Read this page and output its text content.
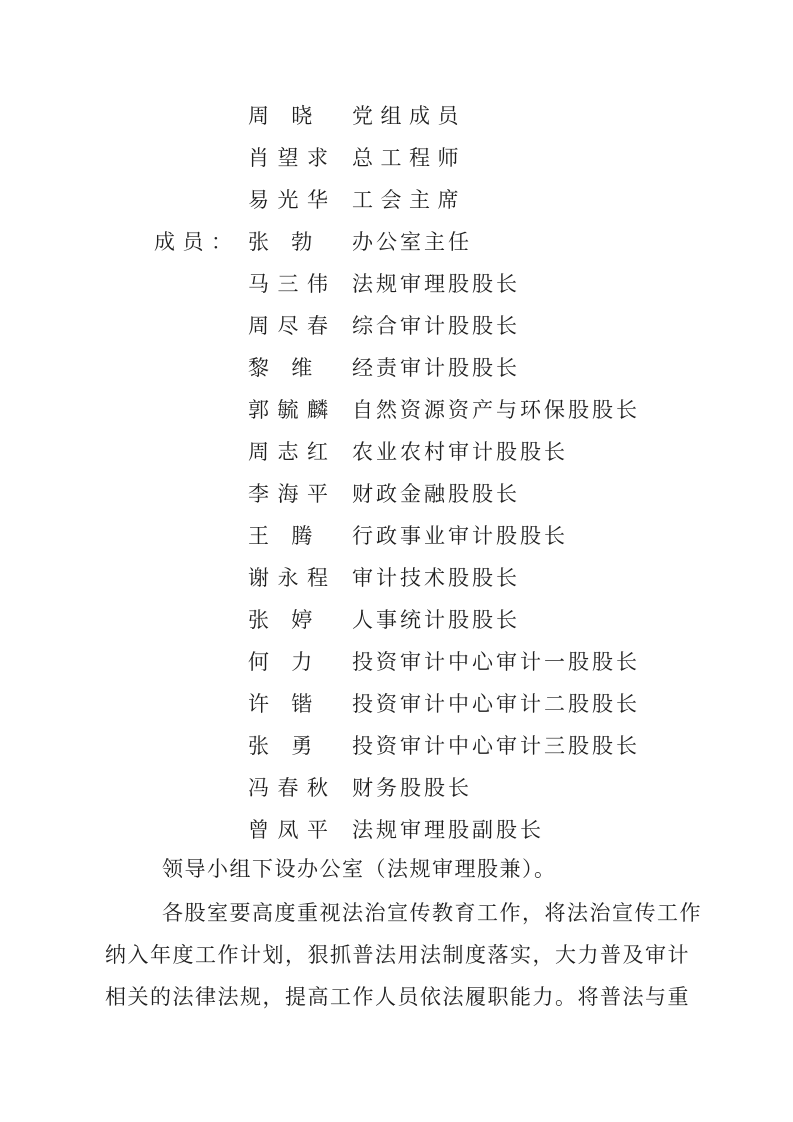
周 晓 党组成员
肖望求 总工程师
易光华 工会主席
成员： 张 勃 办公室主任
马三伟 法规审理股股长
周尽春 综合审计股股长
黎 维 经责审计股股长
郭毓麟 自然资源资产与环保股股长
周志红 农业农村审计股股长
李海平 财政金融股股长
王 腾 行政事业审计股股长
谢永程 审计技术股股长
张 婷 人事统计股股长
何 力 投资审计中心审计一股股长
许 锴 投资审计中心审计二股股长
张 勇 投资审计中心审计三股股长
冯春秋 财务股股长
曾凤平 法规审理股副股长
领导小组下设办公室（法规审理股兼）。
各股室要高度重视法治宣传教育工作，将法治宣传工作
纳入年度工作计划，狠抓普法用法制度落实，大力普及审计
相关的法律法规，提高工作人员依法履职能力。将普法与重
